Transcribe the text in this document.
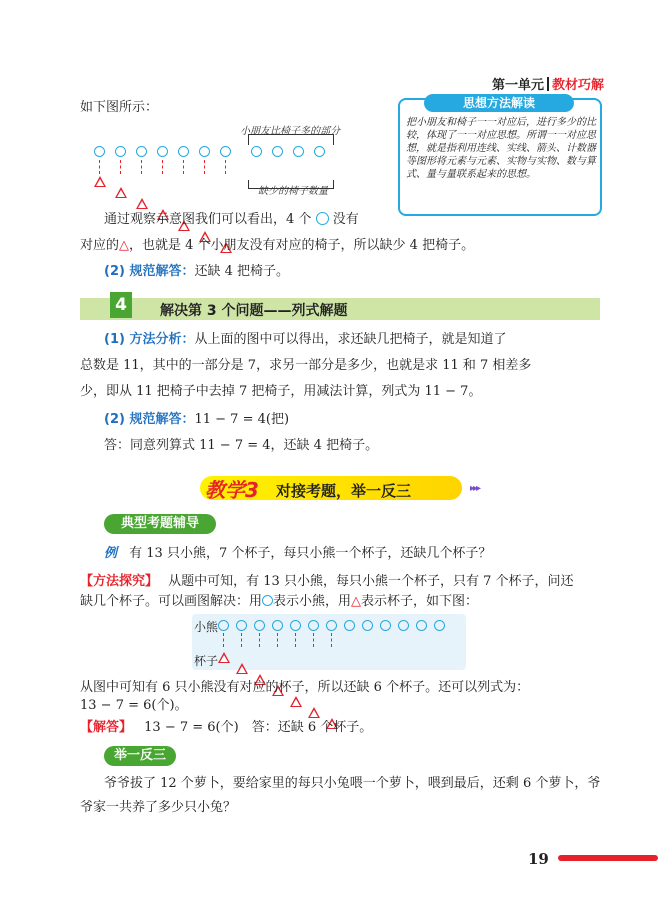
第一单元 教材巧解
如下图所示：
小朋友比椅子多的部分
缺少的椅子数量
思想方法解读
把小朋友和椅子一一对应后，进行多少的比较，体现了一一对应思想。所谓一一对应思想，就是指利用连线、实线、箭头、计数器等图形将元素与元素、实物与实物、数与算式、量与量联系起来的思想。
通过观察示意图我们可以看出，4 个 没有
对应的△，也就是 4 个小朋友没有对应的椅子，所以缺少 4 把椅子。
(2) 规范解答：还缺 4 把椅子。
4	解决第 3 个问题——列式解题
(1) 方法分析：从上面的图中可以得出，求还缺几把椅子，就是知道了
总数是 11，其中的一部分是 7，求另一部分是多少，也就是求 11 和 7 相差多
少，即从 11 把椅子中去掉 7 把椅子，用减法计算，列式为 11 − 7。
(2) 规范解答：11 − 7 = 4(把)
答：同意列算式 11 − 7 = 4，还缺 4 把椅子。
教学3 对接考题，举一反三	▸▸▸
典型考题辅导
例 有 13 只小熊，7 个杯子，每只小熊一个杯子，还缺几个杯子？
【方法探究】 从题中可知，有 13 只小熊，每只小熊一个杯子，只有 7 个杯子，问还
缺几个杯子。可以画图解决：用 表示小熊，用△表示杯子，如下图：
小熊
杯子
从图中可知有 6 只小熊没有对应的杯子，所以还缺 6 个杯子。还可以列式为：
13 − 7 = 6(个)。
【解答】 13 − 7 = 6(个)　答：还缺 6 个杯子。
举一反三
爷爷拔了 12 个萝卜，要给家里的每只小兔喂一个萝卜，喂到最后，还剩 6 个萝卜，爷
爷家一共养了多少只小兔？
19
